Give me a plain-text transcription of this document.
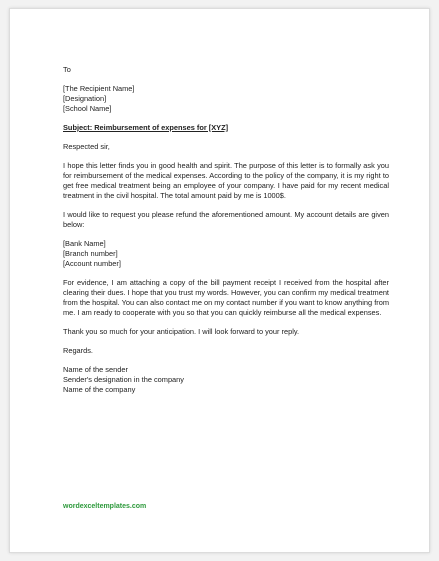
To

[The Recipient Name]
[Designation]
[School Name]

Subject: Reimbursement of expenses for [XYZ]

Respected sir,

I hope this letter finds you in good health and spirit. The purpose of this letter is to formally ask you for reimbursement of the medical expenses. According to the policy of the company, it is my right to get free medical treatment being an employee of your company. I have paid for my recent medical treatment in the civil hospital. The total amount paid by me is 1000$.

I would like to request you please refund the aforementioned amount. My account details are given below:

[Bank Name]
[Branch number]
[Account number]

For evidence, I am attaching a copy of the bill payment receipt I received from the hospital after clearing their dues. I hope that you trust my words. However, you can confirm my medical treatment from the hospital. You can also contact me on my contact number if you want to know anything from me. I am ready to cooperate with you so that you can quickly reimburse all the medical expenses.

Thank you so much for your anticipation. I will look forward to your reply.

Regards.

Name of the sender
Sender's designation in the company
Name of the company

wordexceltemplates.com
